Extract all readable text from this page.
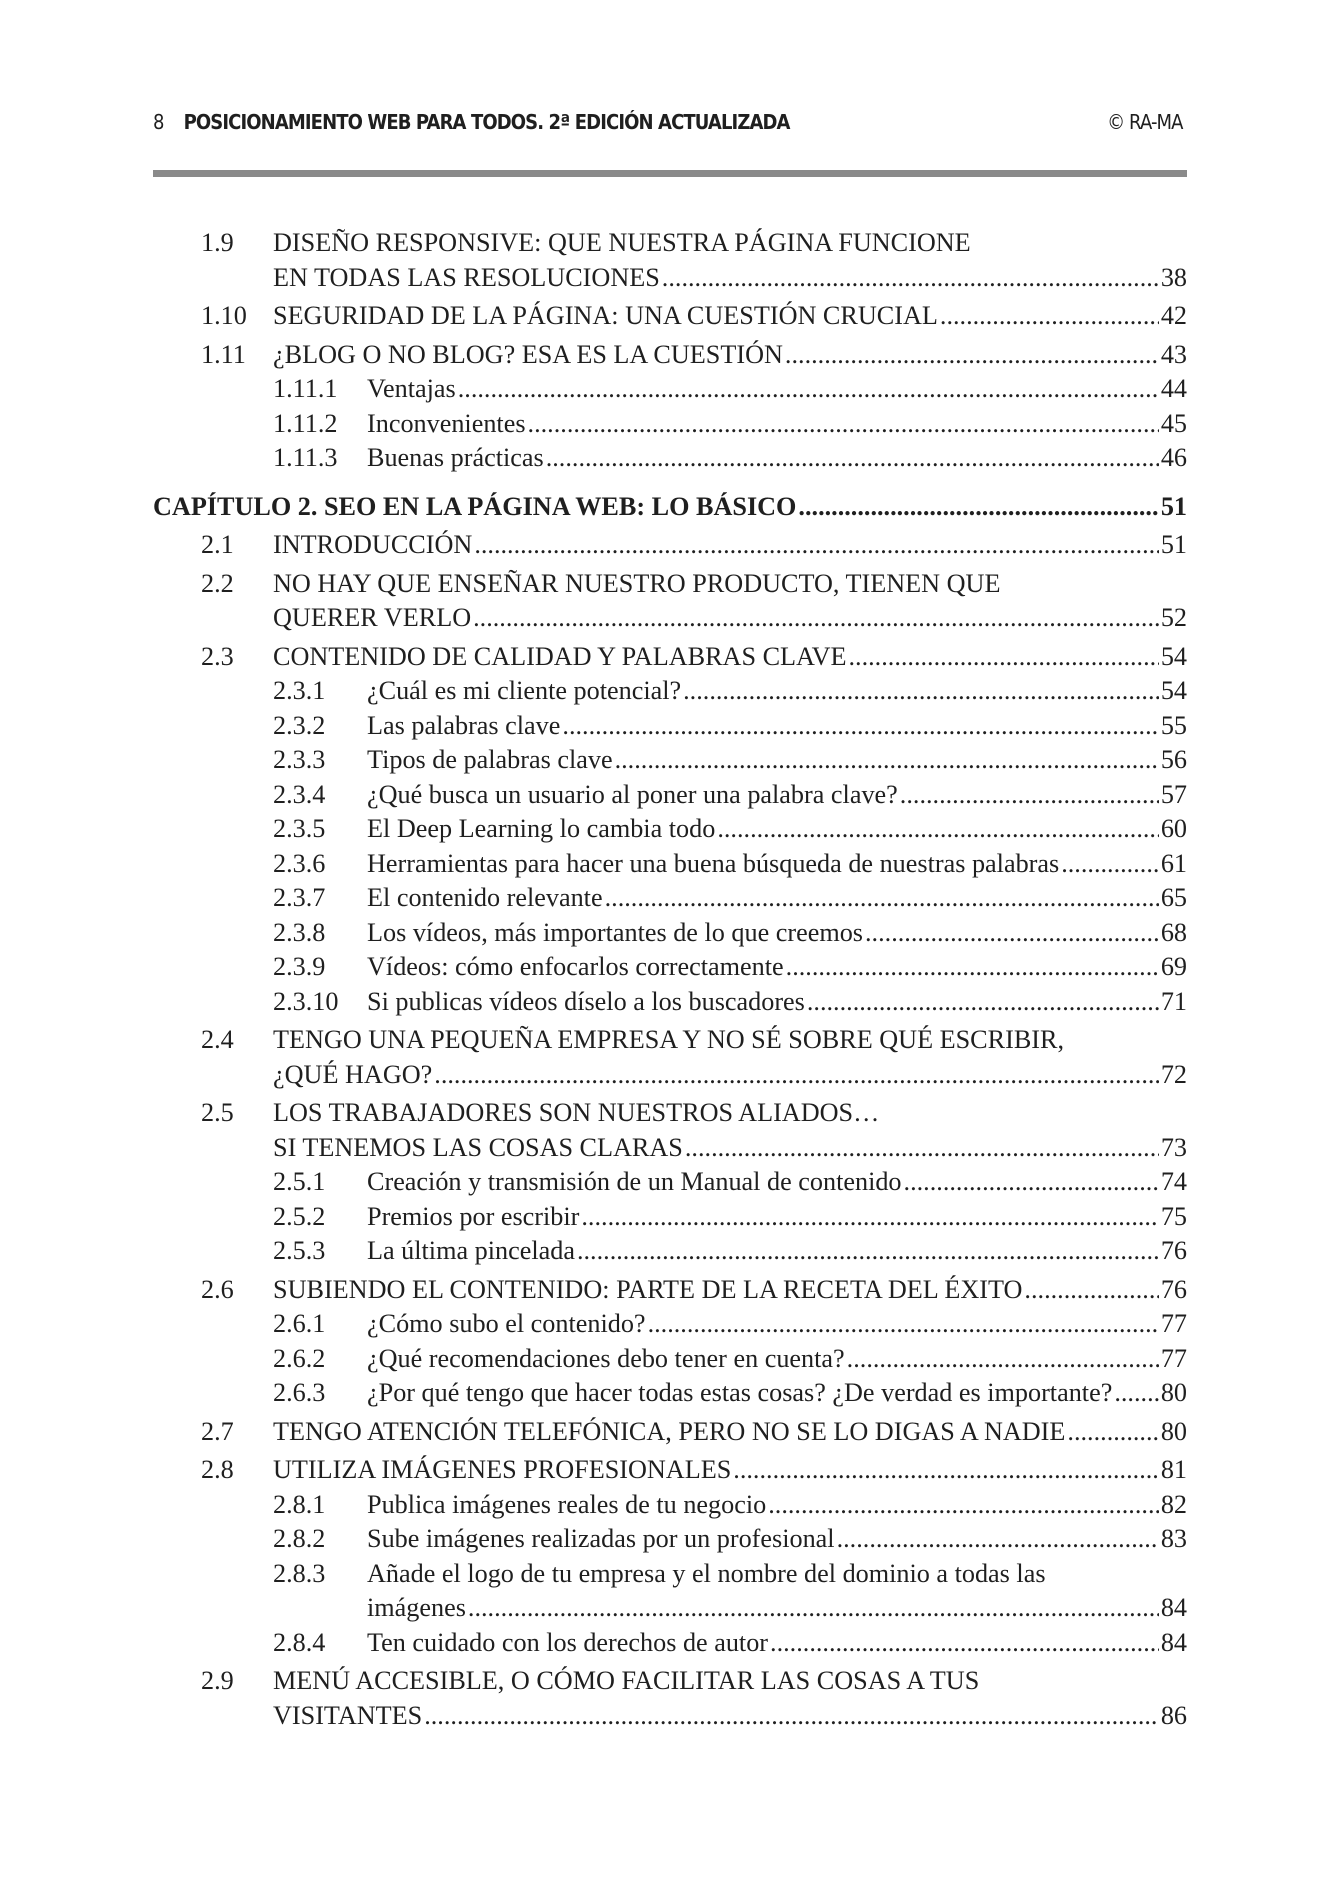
8 POSICIONAMIENTO WEB PARA TODOS. 2ª EDICIÓN ACTUALIZADA	© RA-MA
1.9 DISEÑO RESPONSIVE: QUE NUESTRA PÁGINA FUNCIONE
EN TODAS LAS RESOLUCIONES .....	38
1.10 SEGURIDAD DE LA PÁGINA: UNA CUESTIÓN CRUCIAL .....	42
1.11 ¿BLOG O NO BLOG? ESA ES LA CUESTIÓN .....	43
1.11.1 Ventajas .....	44
1.11.2 Inconvenientes .....	45
1.11.3 Buenas prácticas .....	46
CAPÍTULO 2. SEO EN LA PÁGINA WEB: LO BÁSICO .....	51
2.1 INTRODUCCIÓN .....	51
2.2 NO HAY QUE ENSEÑAR NUESTRO PRODUCTO, TIENEN QUE
QUERER VERLO .....	52
2.3 CONTENIDO DE CALIDAD Y PALABRAS CLAVE .....	54
2.3.1 ¿Cuál es mi cliente potencial? .....	54
2.3.2 Las palabras clave .....	55
2.3.3 Tipos de palabras clave .....	56
2.3.4 ¿Qué busca un usuario al poner una palabra clave? .....	57
2.3.5 El Deep Learning lo cambia todo .....	60
2.3.6 Herramientas para hacer una buena búsqueda de nuestras palabras .....	61
2.3.7 El contenido relevante .....	65
2.3.8 Los vídeos, más importantes de lo que creemos .....	68
2.3.9 Vídeos: cómo enfocarlos correctamente .....	69
2.3.10 Si publicas vídeos díselo a los buscadores .....	71
2.4 TENGO UNA PEQUEÑA EMPRESA Y NO SÉ SOBRE QUÉ ESCRIBIR,
¿QUÉ HAGO? .....	72
2.5 LOS TRABAJADORES SON NUESTROS ALIADOS…
SI TENEMOS LAS COSAS CLARAS .....	73
2.5.1 Creación y transmisión de un Manual de contenido .....	74
2.5.2 Premios por escribir .....	75
2.5.3 La última pincelada .....	76
2.6 SUBIENDO EL CONTENIDO: PARTE DE LA RECETA DEL ÉXITO .....	76
2.6.1 ¿Cómo subo el contenido? .....	77
2.6.2 ¿Qué recomendaciones debo tener en cuenta? .....	77
2.6.3 ¿Por qué tengo que hacer todas estas cosas? ¿De verdad es importante? ..... 80
2.7 TENGO ATENCIÓN TELEFÓNICA, PERO NO SE LO DIGAS A NADIE .....	80
2.8 UTILIZA IMÁGENES PROFESIONALES .....	81
2.8.1 Publica imágenes reales de tu negocio .....	82
2.8.2 Sube imágenes realizadas por un profesional .....	83
2.8.3 Añade el logo de tu empresa y el nombre del dominio a todas las
imágenes .....	84
2.8.4 Ten cuidado con los derechos de autor .....	84
2.9 MENÚ ACCESIBLE, O CÓMO FACILITAR LAS COSAS A TUS
VISITANTES .....	86
